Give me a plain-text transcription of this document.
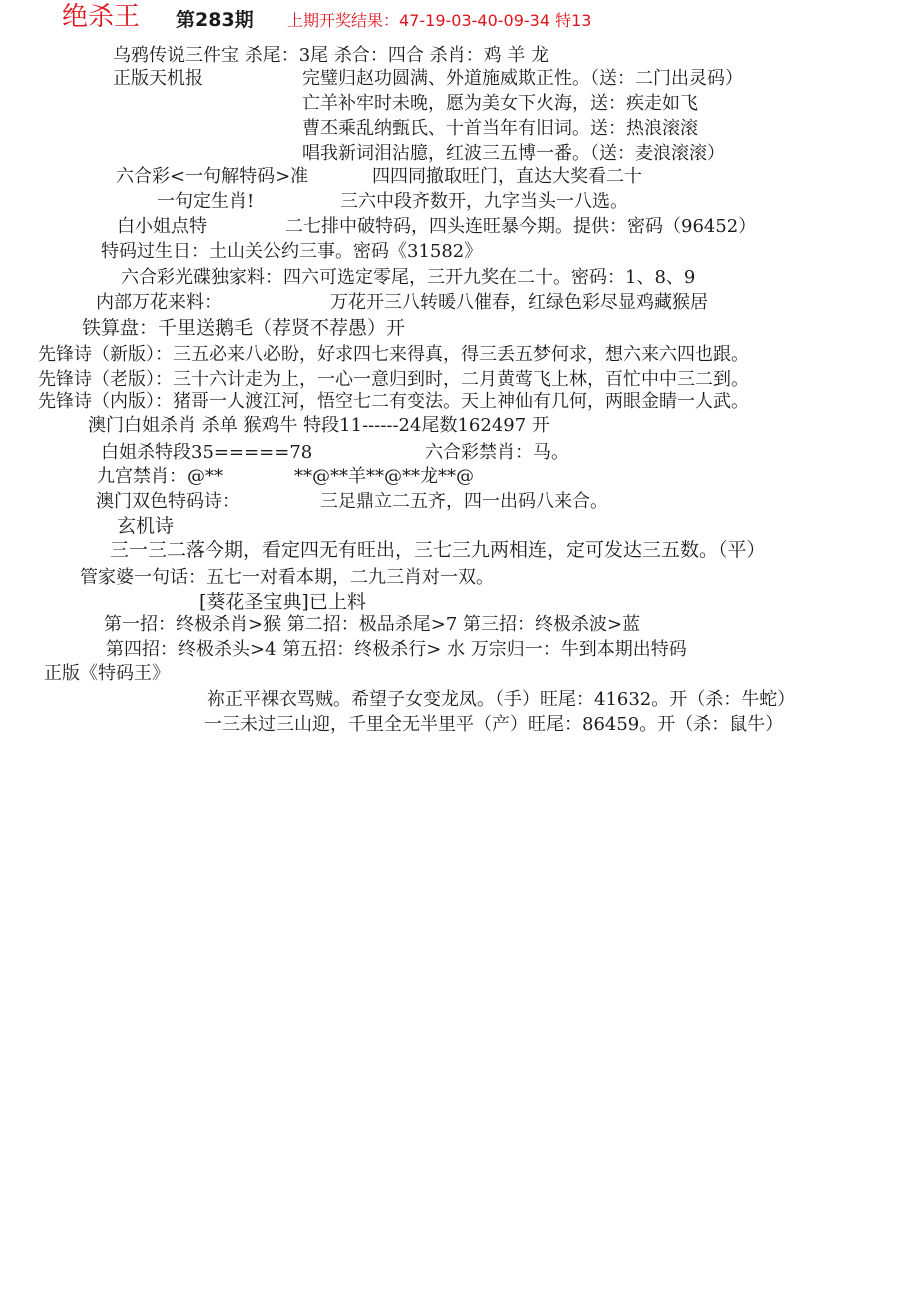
绝杀王 第283期 上期开奖结果：47-19-03-40-09-34 特13
乌鸦传说三件宝 杀尾：3尾 杀合：四合 杀肖：鸡 羊 龙
正版天机报	完璧归赵功圆满、外道施威欺正性。（送：二门出灵码）
亡羊补牢时未晚，愿为美女下火海，送：疾走如飞
曹丕乘乱纳甄氏、十首当年有旧词。送：热浪滚滚
唱我新词泪沾臆，红波三五博一番。（送：麦浪滚滚）
六合彩<一句解特码>准	四四同撤取旺门，直达大奖看二十
一句定生肖!	三六中段齐数开，九字当头一八选。
白小姐点特	二七排中破特码，四头连旺暴今期。提供：密码（96452）
特码过生日：土山关公约三事。密码《31582》
六合彩光碟独家料：四六可选定零尾，三开九奖在二十。密码：1、8、9
内部万花来料：	万花开三八转暖八催春，红绿色彩尽显鸡藏猴居
铁算盘：千里送鹅毛（荐贤不荐愚）开
先锋诗（新版）：三五必来八必盼，好求四七来得真，得三丢五梦何求，想六来六四也跟。
先锋诗（老版）：三十六计走为上，一心一意归到时，二月黄莺飞上林，百忙中中三二到。
先锋诗（内版）：猪哥一人渡江河，悟空七二有变法。天上神仙有几何，两眼金睛一人武。
澳门白姐杀肖 杀单 猴鸡牛 特段11------24尾数162497 开
白姐杀特段35=====78	六合彩禁肖：马。
九宫禁肖：@**	**@**羊**@**龙**@
澳门双色特码诗：	三足鼎立二五齐，四一出码八来合。
玄机诗
三一三二落今期，看定四无有旺出，三七三九两相连，定可发达三五数。（平）
管家婆一句话：五七一对看本期，二九三肖对一双。
[葵花圣宝典]已上料
第一招：终极杀肖>猴 第二招：极品杀尾>7 第三招：终极杀波>蓝
第四招：终极杀头>4 第五招：终极杀行> 水 万宗归一：牛到本期出特码
正版《特码王》
祢正平裸衣骂贼。希望子女变龙凤。（手）旺尾：41632。开（杀：牛蛇）
一三未过三山迎，千里全无半里平（产）旺尾：86459。开（杀：鼠牛）
